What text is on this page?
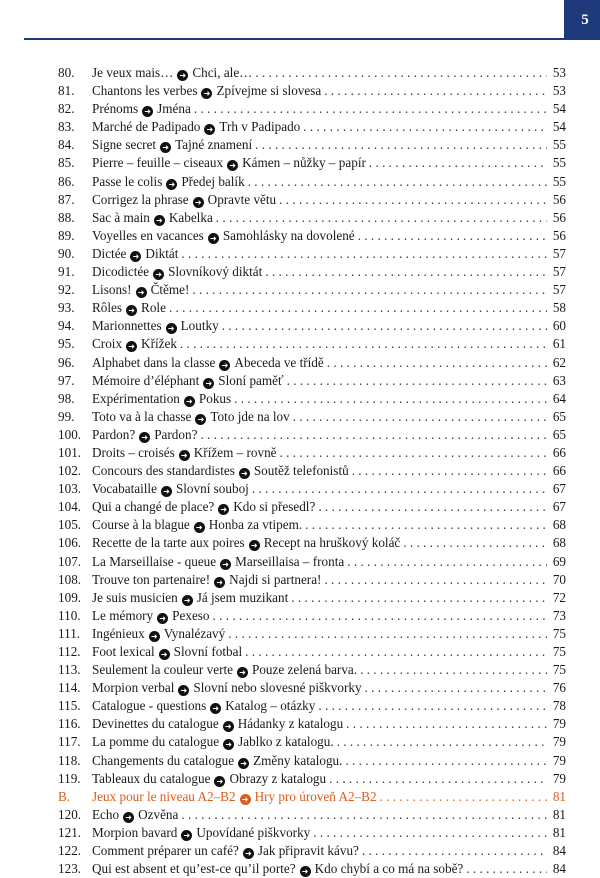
5
80.	Je veux mais… ➜ Chci, ale… . . .	53
81.	Chantons les verbes ➜ Zpívejme si slovesa . . .	53
82.	Prénoms ➜ Jména . . .	54
83.	Marché de Padipado ➜ Trh v Padipado . . .	54
84.	Signe secret ➜ Tajné znamení . . .	55
85.	Pierre – feuille – ciseaux ➜ Kámen – nůžky – papír . . .	55
86.	Passe le colis ➜ Předej balík . . .	55
87.	Corrigez la phrase ➜ Opravte větu . . .	56
88.	Sac à main ➜ Kabelka . . .	56
89.	Voyelles en vacances ➜ Samohlásky na dovolené . . .	56
90.	Dictée ➜ Diktát . . .	57
91.	Dicodictée ➜ Slovníkový diktát . . .	57
92.	Lisons! ➜ Čtěme! . . .	57
93.	Rôles ➜ Role . . .	58
94.	Marionnettes ➜ Loutky . . .	60
95.	Croix ➜ Křížek . . .	61
96.	Alphabet dans la classe ➜ Abeceda ve třídě . . .	62
97.	Mémoire d’éléphant ➜ Sloní paměť . . .	63
98.	Expérimentation ➜ Pokus . . .	64
99.	Toto va à la chasse ➜ Toto jde na lov . . .	65
100. Pardon? ➜ Pardon? . . .	65
101. Droits – croisés ➜ Křížem – rovně . . .	66
102. Concours des standardistes ➜ Soutěž telefonistů . . .	66
103. Vocabataille ➜ Slovní souboj . . .	67
104. Qui a changé de place? ➜ Kdo si přesedl? . . .	67
105. Course à la blague ➜ Honba za vtipem. . . .	68
106. Recette de la tarte aux poires ➜ Recept na hruškový koláč . . .	68
107. La Marseillaise - queue ➜ Marseillaisa – fronta . . .	69
108. Trouve ton partenaire! ➜ Najdi si partnera! . . .	70
109. Je suis musicien ➜ Já jsem muzikant . . .	72
110. Le mémory ➜ Pexeso . . .	73
111. Ingénieux ➜ Vynalézavý . . .	75
112. Foot lexical ➜ Slovní fotbal . . .	75
113. Seulement la couleur verte ➜ Pouze zelená barva. . . .	75
114. Morpion verbal ➜ Slovní nebo slovesné piškvorky . . .	76
115. Catalogue - questions ➜ Katalog – otázky . . .	78
116. Devinettes du catalogue ➜ Hádanky z katalogu . . .	79
117. La pomme du catalogue ➜ Jablko z katalogu. . . .	79
118. Changements du catalogue ➜ Změny katalogu. . . .	79
119. Tableaux du catalogue ➜ Obrazy z katalogu . . .	79
B.	Jeux pour le niveau A2–B2 ➜ Hry pro úroveň A2–B2 . . .	81
120. Echo ➜ Ozvěna . . .	81
121. Morpion bavard ➜ Upovídané piškvorky . . .	81
122. Comment préparer un café? ➜ Jak připravit kávu? . . .	84
123. Qui est absent et qu’est-ce qu’il porte? ➜ Kdo chybí a co má na sobě? . . .	84
